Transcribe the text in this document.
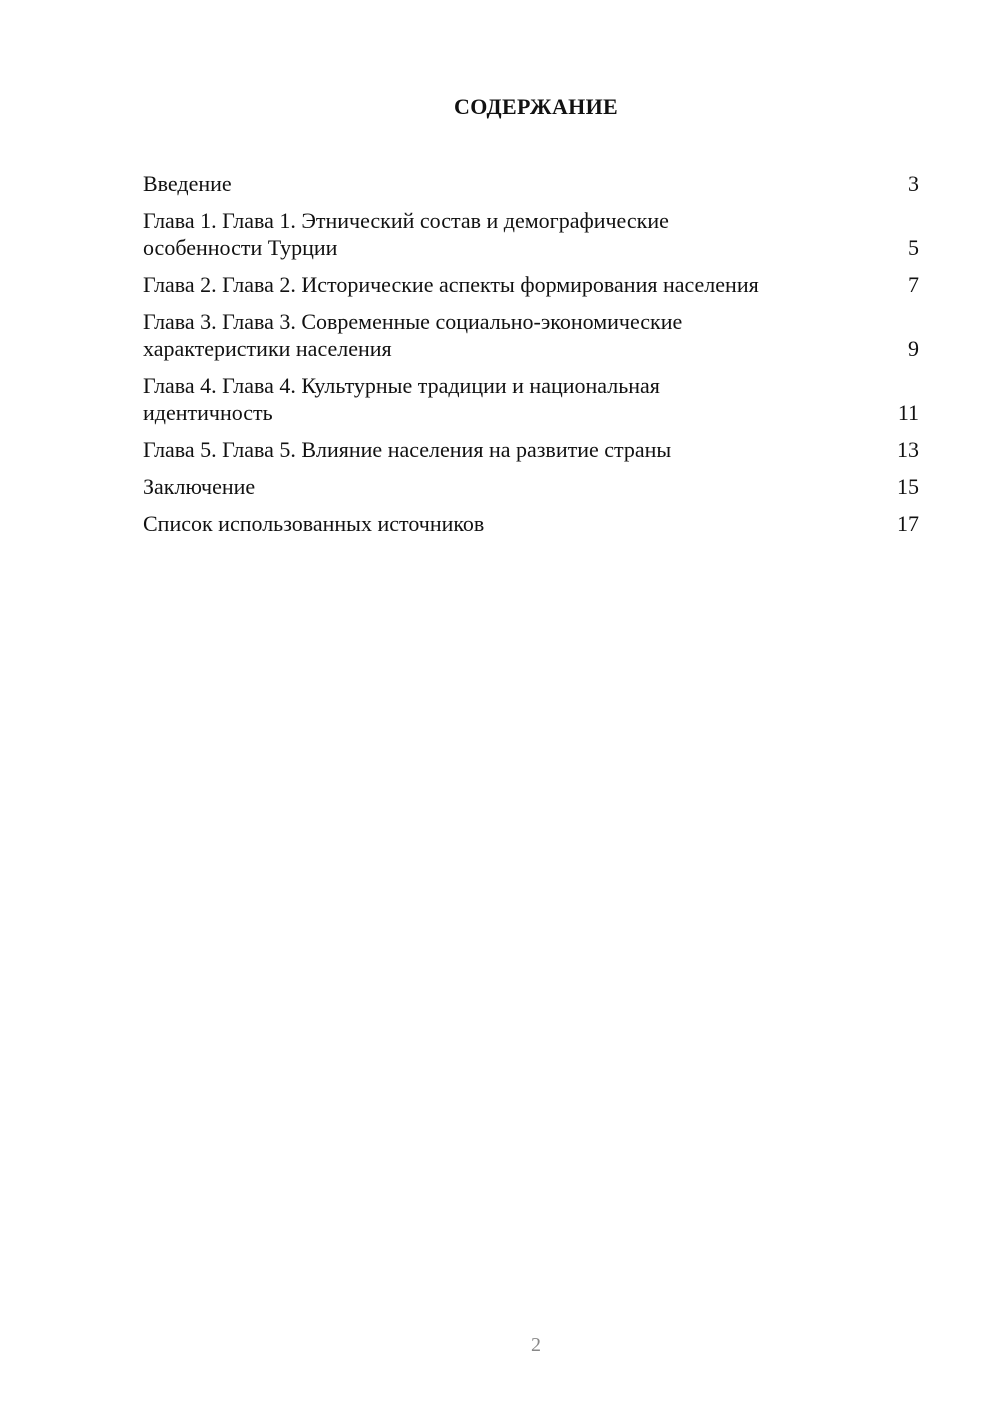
СОДЕРЖАНИЕ
Введение	3
Глава 1. Глава 1. Этнический состав и демографические особенности Турции	5
Глава 2. Глава 2. Исторические аспекты формирования населения	7
Глава 3. Глава 3. Современные социально-экономические характеристики населения	9
Глава 4. Глава 4. Культурные традиции и национальная идентичность	11
Глава 5. Глава 5. Влияние населения на развитие страны	13
Заключение	15
Список использованных источников	17
2
